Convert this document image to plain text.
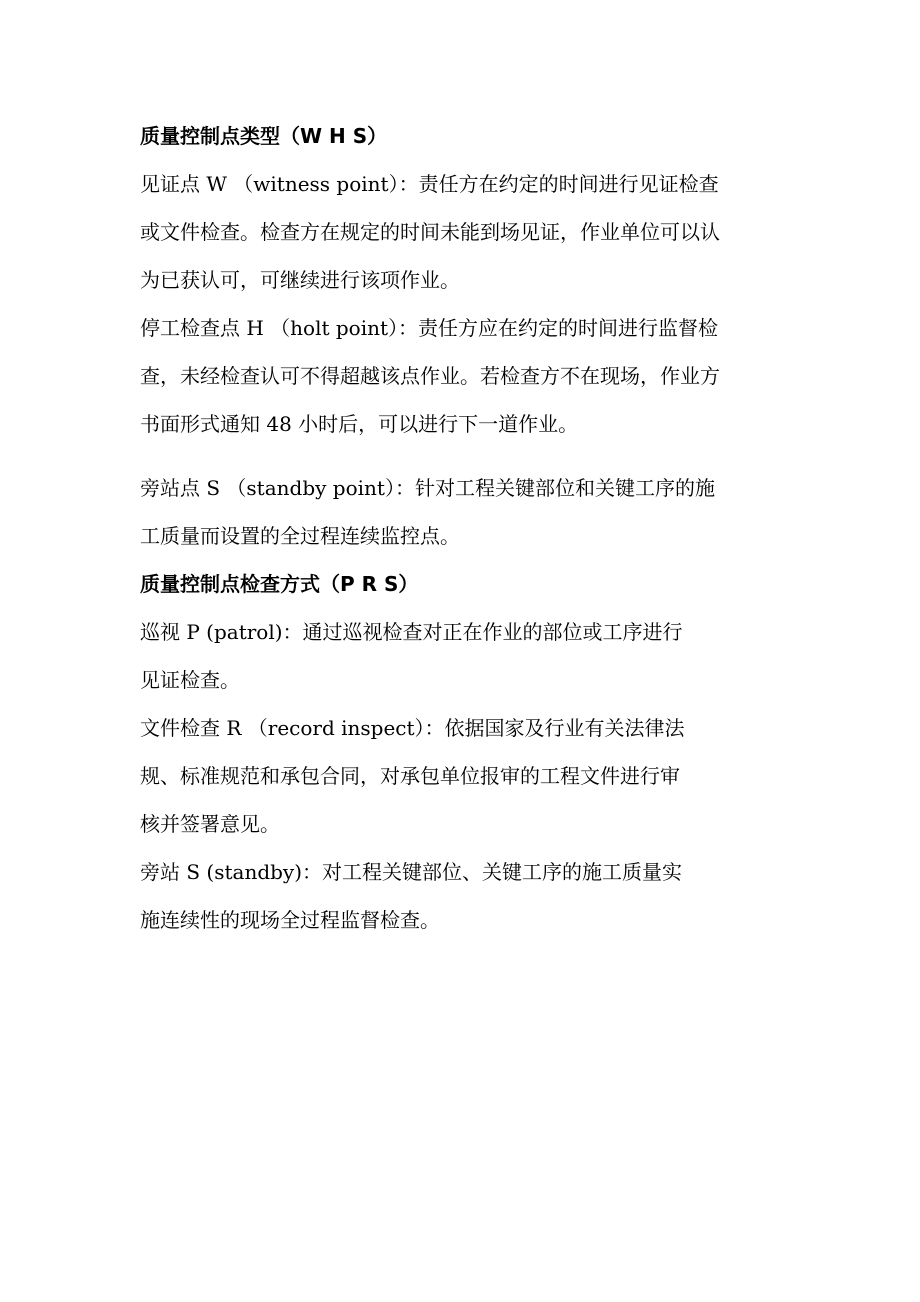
质量控制点类型（W H S）

见证点 W （witness point）：责任方在约定的时间进行见证检查
或文件检查。检查方在规定的时间未能到场见证，作业单位可以认
为已获认可，可继续进行该项作业。

停工检查点 H （holt point）：责任方应在约定的时间进行监督检
查，未经检查认可不得超越该点作业。若检查方不在现场，作业方
书面形式通知 48 小时后，可以进行下一道作业。

旁站点 S （standby point）：针对工程关键部位和关键工序的施
工质量而设置的全过程连续监控点。

质量控制点检查方式（P R S）

巡视 P (patrol)：通过巡视检查对正在作业的部位或工序进行
见证检查。

文件检查 R （record inspect）：依据国家及行业有关法律法
规、标准规范和承包合同，对承包单位报审的工程文件进行审
核并签署意见。

旁站 S (standby)：对工程关键部位、关键工序的施工质量实
施连续性的现场全过程监督检查。
